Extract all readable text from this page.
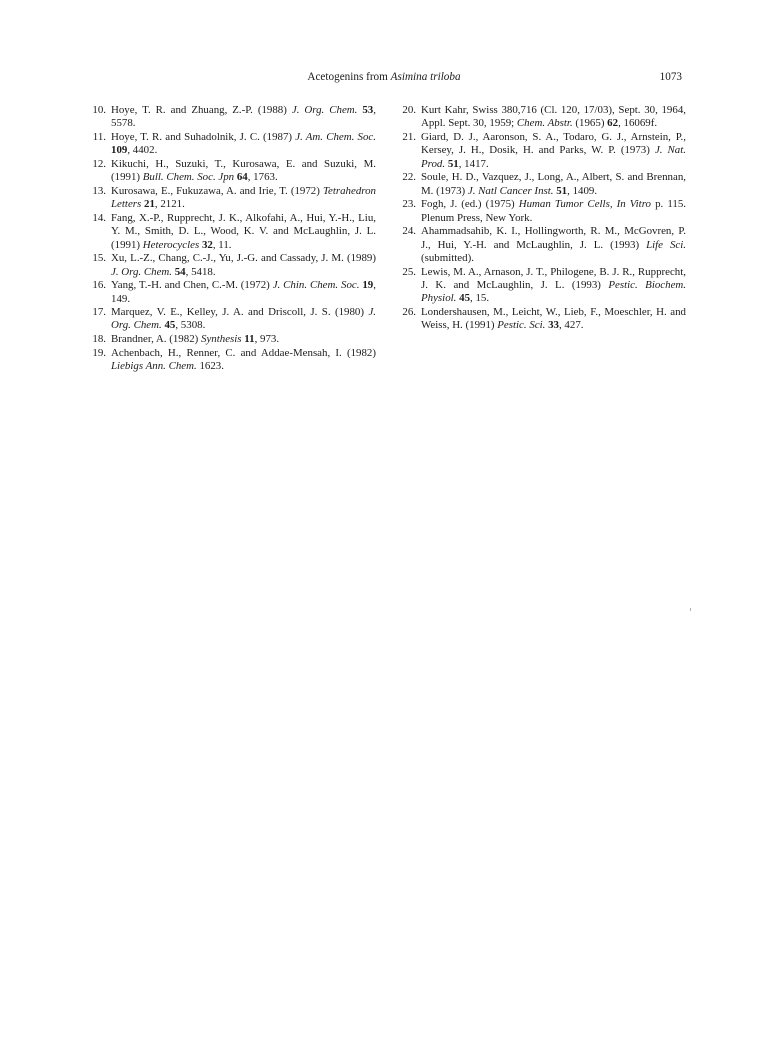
Acetogenins from Asimina triloba	1073
10. Hoye, T. R. and Zhuang, Z.-P. (1988) J. Org. Chem. 53, 5578.
11. Hoye, T. R. and Suhadolnik, J. C. (1987) J. Am. Chem. Soc. 109, 4402.
12. Kikuchi, H., Suzuki, T., Kurosawa, E. and Suzuki, M. (1991) Bull. Chem. Soc. Jpn 64, 1763.
13. Kurosawa, E., Fukuzawa, A. and Irie, T. (1972) Tetrahedron Letters 21, 2121.
14. Fang, X.-P., Rupprecht, J. K., Alkofahi, A., Hui, Y.-H., Liu, Y. M., Smith, D. L., Wood, K. V. and McLaughlin, J. L. (1991) Heterocycles 32, 11.
15. Xu, L.-Z., Chang, C.-J., Yu, J.-G. and Cassady, J. M. (1989) J. Org. Chem. 54, 5418.
16. Yang, T.-H. and Chen, C.-M. (1972) J. Chin. Chem. Soc. 19, 149.
17. Marquez, V. E., Kelley, J. A. and Driscoll, J. S. (1980) J. Org. Chem. 45, 5308.
18. Brandner, A. (1982) Synthesis 11, 973.
19. Achenbach, H., Renner, C. and Addae-Mensah, I. (1982) Liebigs Ann. Chem. 1623.
20. Kurt Kahr, Swiss 380,716 (Cl. 120, 17/03), Sept. 30, 1964, Appl. Sept. 30, 1959; Chem. Abstr. (1965) 62, 16069f.
21. Giard, D. J., Aaronson, S. A., Todaro, G. J., Arnstein, P., Kersey, J. H., Dosik, H. and Parks, W. P. (1973) J. Nat. Prod. 51, 1417.
22. Soule, H. D., Vazquez, J., Long, A., Albert, S. and Brennan, M. (1973) J. Natl Cancer Inst. 51, 1409.
23. Fogh, J. (ed.) (1975) Human Tumor Cells, In Vitro p. 115. Plenum Press, New York.
24. Ahammadsahib, K. I., Hollingworth, R. M., McGovren, P. J., Hui, Y.-H. and McLaughlin, J. L. (1993) Life Sci. (submitted).
25. Lewis, M. A., Arnason, J. T., Philogene, B. J. R., Rupprecht, J. K. and McLaughlin, J. L. (1993) Pestic. Biochem. Physiol. 45, 15.
26. Londershausen, M., Leicht, W., Lieb, F., Moeschler, H. and Weiss, H. (1991) Pestic. Sci. 33, 427.
